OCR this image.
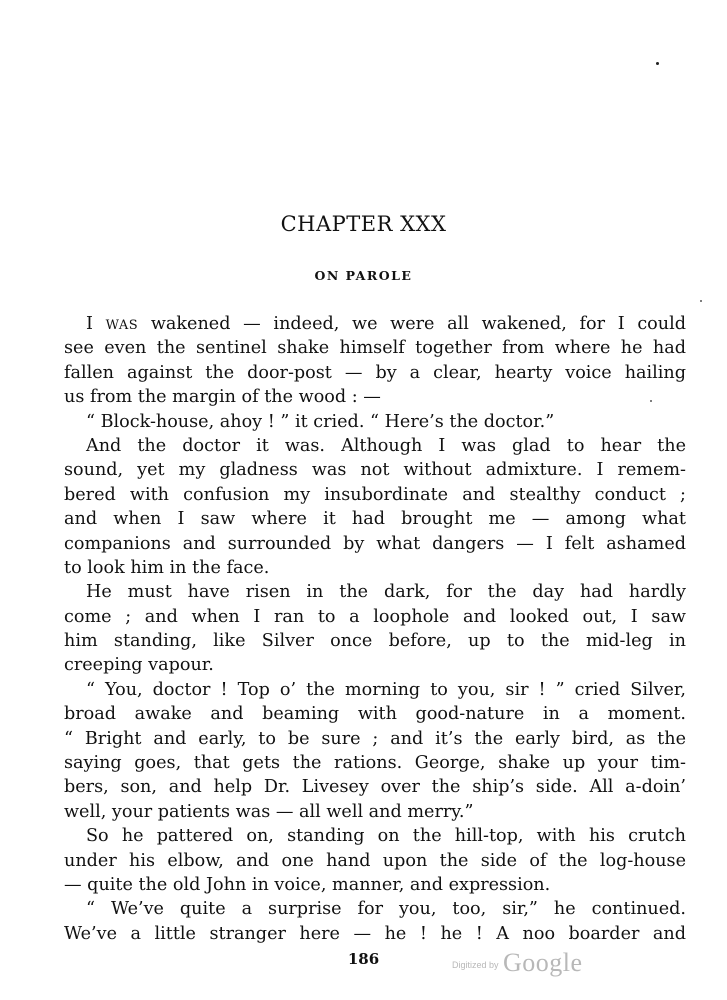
CHAPTER XXX
ON PAROLE
I WAS wakened — indeed, we were all wakened, for I could
see even the sentinel shake himself together from where he had
fallen against the door-post — by a clear, hearty voice hailing
us from the margin of the wood : —
“ Block-house, ahoy ! ” it cried. “ Here’s the doctor.”
And the doctor it was. Although I was glad to hear the
sound, yet my gladness was not without admixture. I remem-
bered with confusion my insubordinate and stealthy conduct ;
and when I saw where it had brought me — among what
companions and surrounded by what dangers — I felt ashamed
to look him in the face.
He must have risen in the dark, for the day had hardly
come ; and when I ran to a loophole and looked out, I saw
him standing, like Silver once before, up to the mid-leg in
creeping vapour.
“ You, doctor ! Top o’ the morning to you, sir ! ” cried Silver,
broad awake and beaming with good-nature in a moment.
“ Bright and early, to be sure ; and it’s the early bird, as the
saying goes, that gets the rations. George, shake up your tim-
bers, son, and help Dr. Livesey over the ship’s side. All a-doin’
well, your patients was — all well and merry.”
So he pattered on, standing on the hill-top, with his crutch
under his elbow, and one hand upon the side of the log-house
— quite the old John in voice, manner, and expression.
“ We’ve quite a surprise for you, too, sir,” he continued.
We’ve a little stranger here — he ! he ! A noo boarder and
186	Digitized by Google
